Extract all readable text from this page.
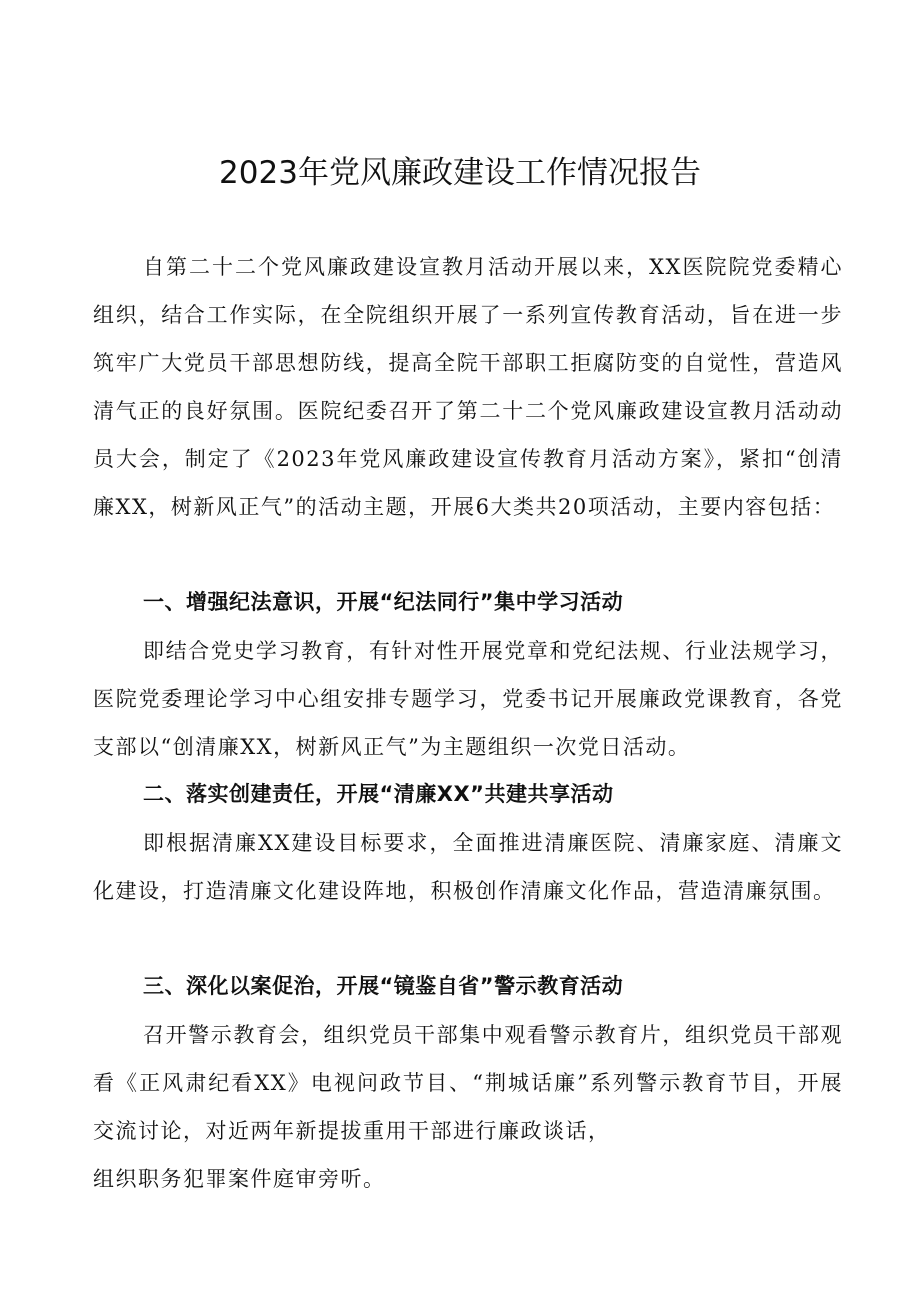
2023年党风廉政建设工作情况报告

自第二十二个党风廉政建设宣教月活动开展以来，XX医院院党委精心组织，结合工作实际，在全院组织开展了一系列宣传教育活动，旨在进一步筑牢广大党员干部思想防线，提高全院干部职工拒腐防变的自觉性，营造风清气正的良好氛围。医院纪委召开了第二十二个党风廉政建设宣教月活动动员大会，制定了《2023年党风廉政建设宣传教育月活动方案》，紧扣“创清廉XX，树新风正气”的活动主题，开展6大类共20项活动，主要内容包括：

一、增强纪法意识，开展“纪法同行”集中学习活动

即结合党史学习教育，有针对性开展党章和党纪法规、行业法规学习，医院党委理论学习中心组安排专题学习，党委书记开展廉政党课教育，各党支部以“创清廉XX，树新风正气”为主题组织一次党日活动。

二、落实创建责任，开展“清廉XX”共建共享活动

即根据清廉XX建设目标要求，全面推进清廉医院、清廉家庭、清廉文化建设，打造清廉文化建设阵地，积极创作清廉文化作品，营造清廉氛围。

三、深化以案促治，开展“镜鉴自省”警示教育活动

召开警示教育会，组织党员干部集中观看警示教育片，组织党员干部观看《正风肃纪看XX》电视问政节目、“荆城话廉”系列警示教育节目，开展交流讨论，对近两年新提拔重用干部进行廉政谈话，

组织职务犯罪案件庭审旁听。
